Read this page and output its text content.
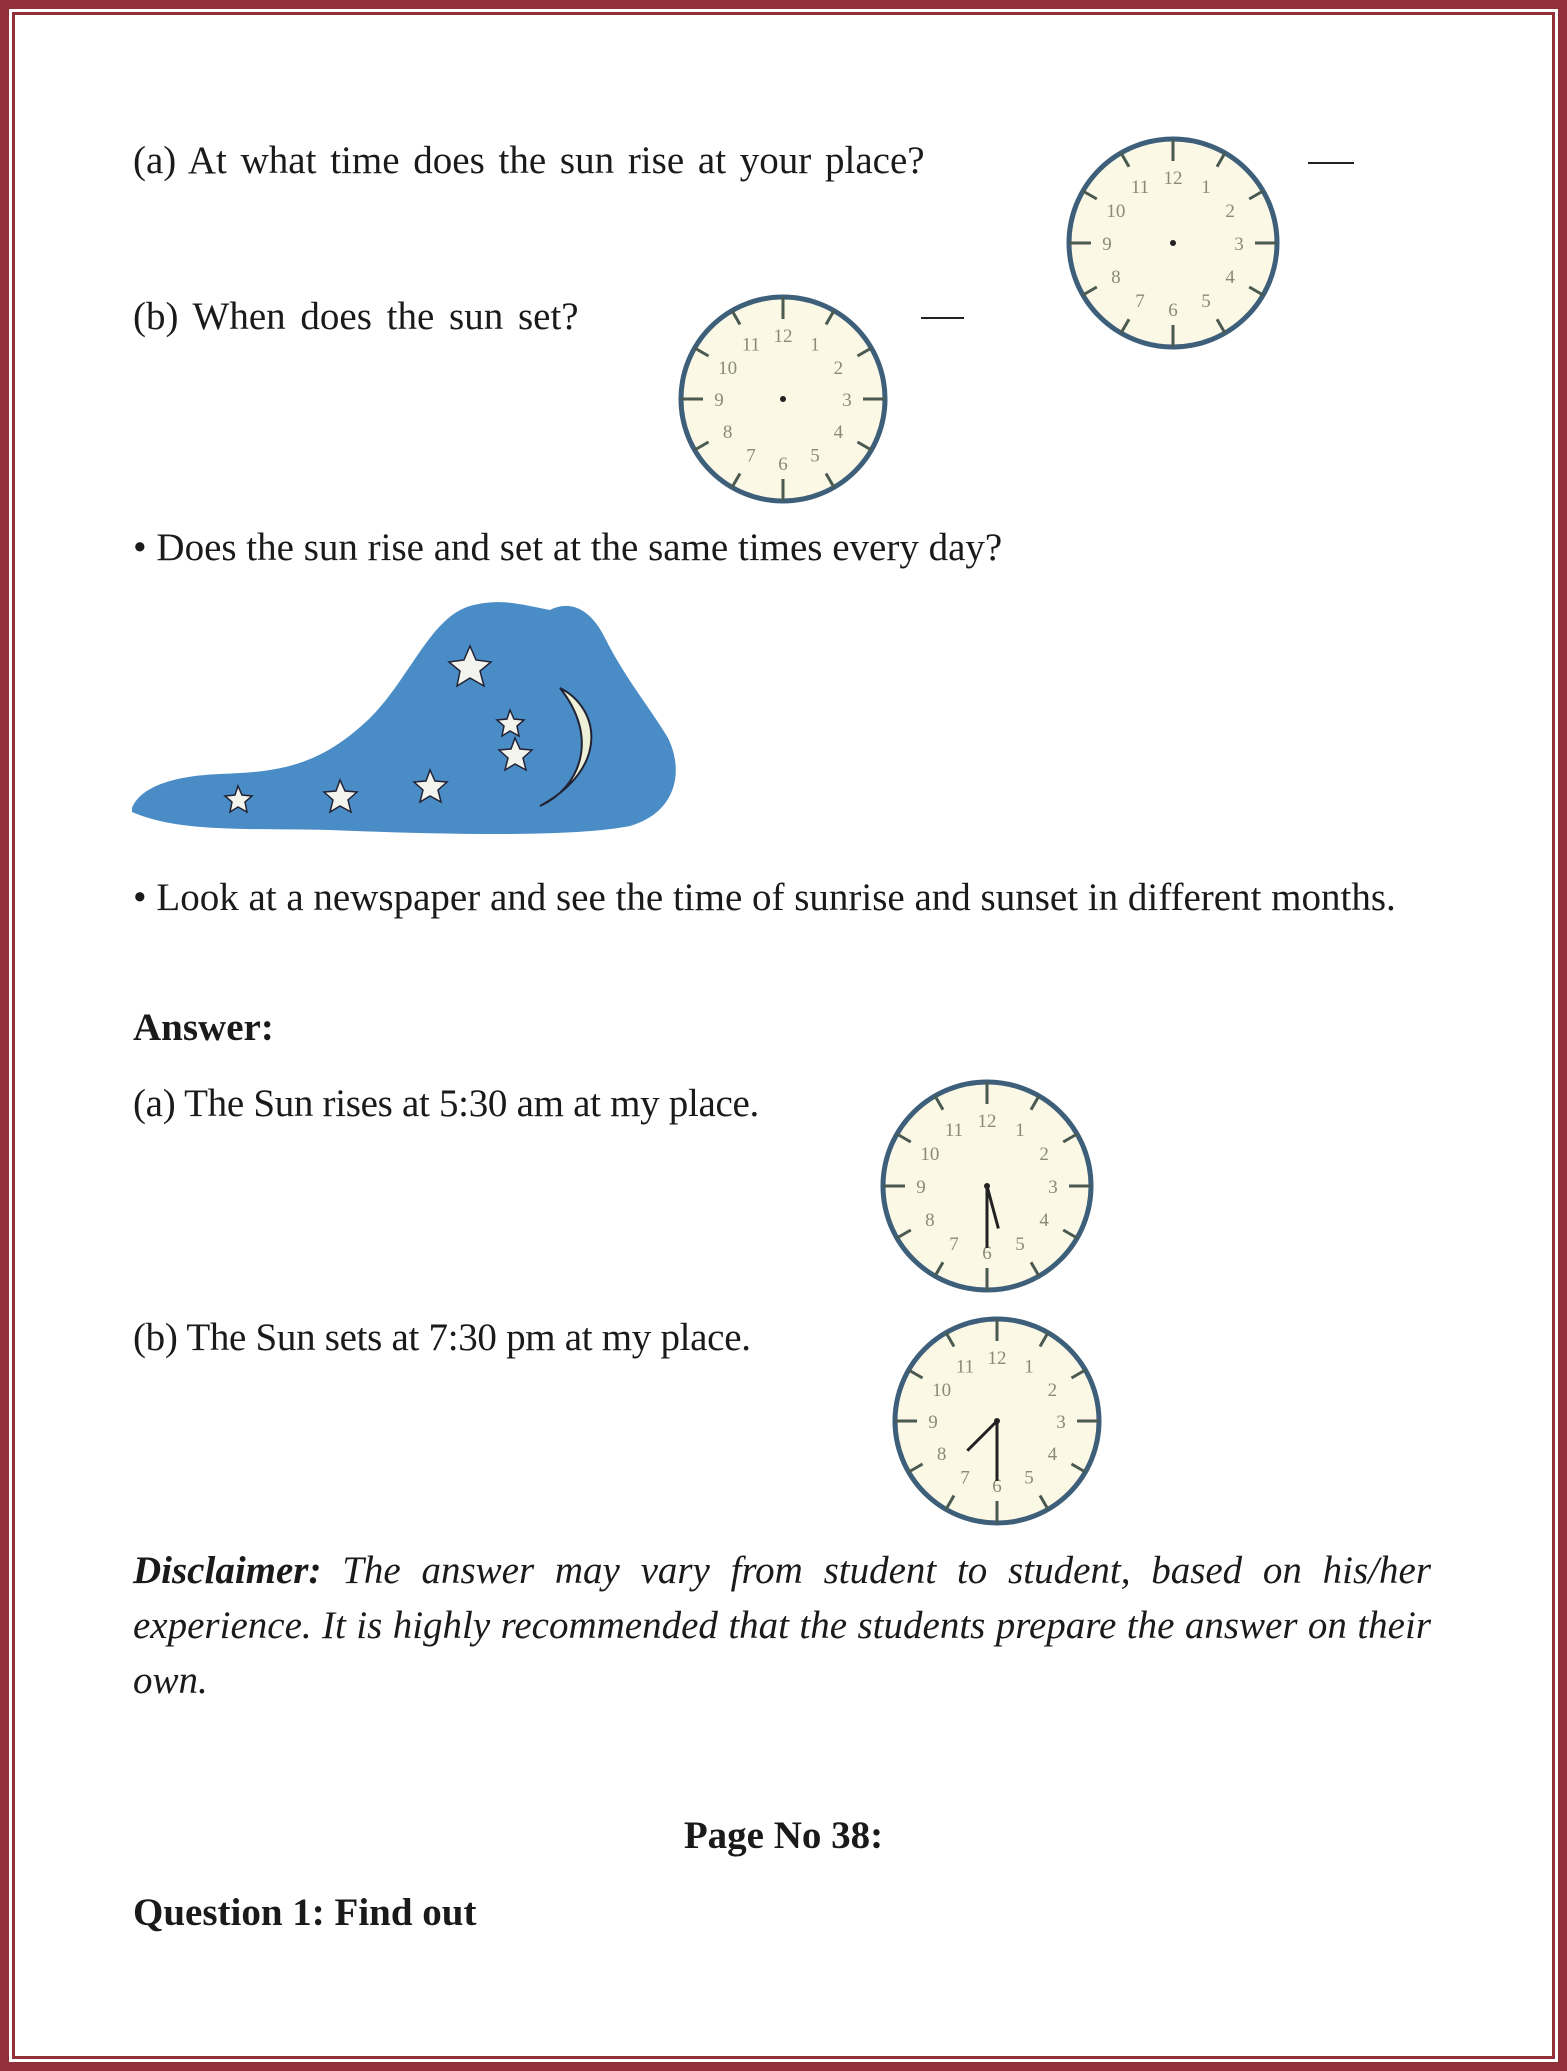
(a) At what time does the sun rise at your place?	12 1
2
3
4
5
6
7
8
9
10
11
(b) When does the sun set?	12 1
2
3
4
5
6
7
8
9
10
11
• Does the sun rise and set at the same times every day?
• Look at a newspaper and see the time of sunrise and sunset in different months.
Answer:
(a) The Sun rises at 5:30 am at my place.	12 1
2
3
4
5
6
7
8
9
10
11
(b) The Sun sets at 7:30 pm at my place.	12 1
2
3
4
5
6
7
8
9
10
11
Disclaimer: The answer may vary from student to student, based on his/her experience. It is highly recommended that the students prepare the answer on their own.
Page No 38:
Question 1: Find out
